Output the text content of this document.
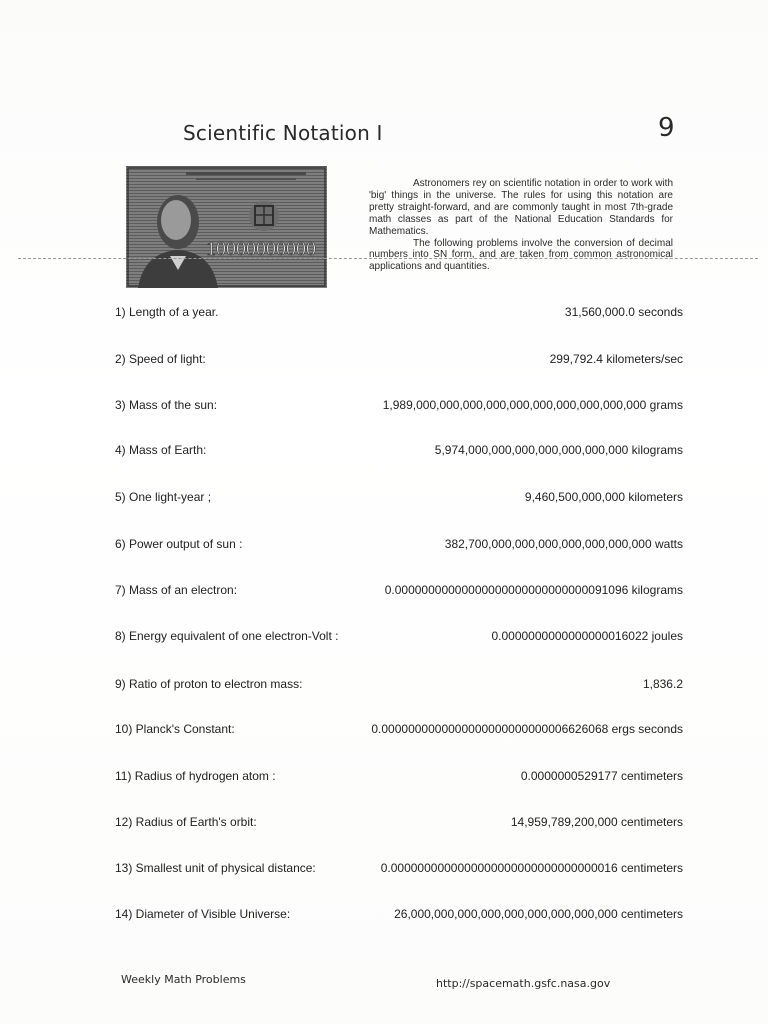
Scientific Notation I	9
10000000000

Astronomers rey on scientific notation in order to work with 'big' things in the universe. The rules for using this notation are pretty straight-forward, and are commonly taught in most 7th-grade math classes as part of the National Education Standards for Mathematics.

The following problems involve the conversion of decimal numbers into SN form, and are taken from common astronomical applications and quantities.

1) Length of a year.	31,560,000.0 seconds
2) Speed of light:	299,792.4 kilometers/sec
3) Mass of the sun:	1,989,000,000,000,000,000,000,000,000,000,000 grams
4) Mass of Earth:	5,974,000,000,000,000,000,000,000 kilograms
5) One light-year ;	9,460,500,000,000 kilometers
6) Power output of sun :	382,700,000,000,000,000,000,000,000 watts
7) Mass of an electron:	0.00000000000000000000000000000091096 kilograms
8) Energy equivalent of one electron-Volt :	0.0000000000000000016022 joules
9) Ratio of proton to electron mass:	1,836.2
10) Planck's Constant:	0.0000000000000000000000000006626068 ergs seconds
11) Radius of hydrogen atom :	0.0000000529177 centimeters
12) Radius of Earth's orbit:	14,959,789,200,000 centimeters
13) Smallest unit of physical distance:	0.0000000000000000000000000000000016 centimeters
14) Diameter of Visible Universe:	26,000,000,000,000,000,000,000,000,000 centimeters
Weekly Math Problems	http://spacemath.gsfc.nasa.gov
